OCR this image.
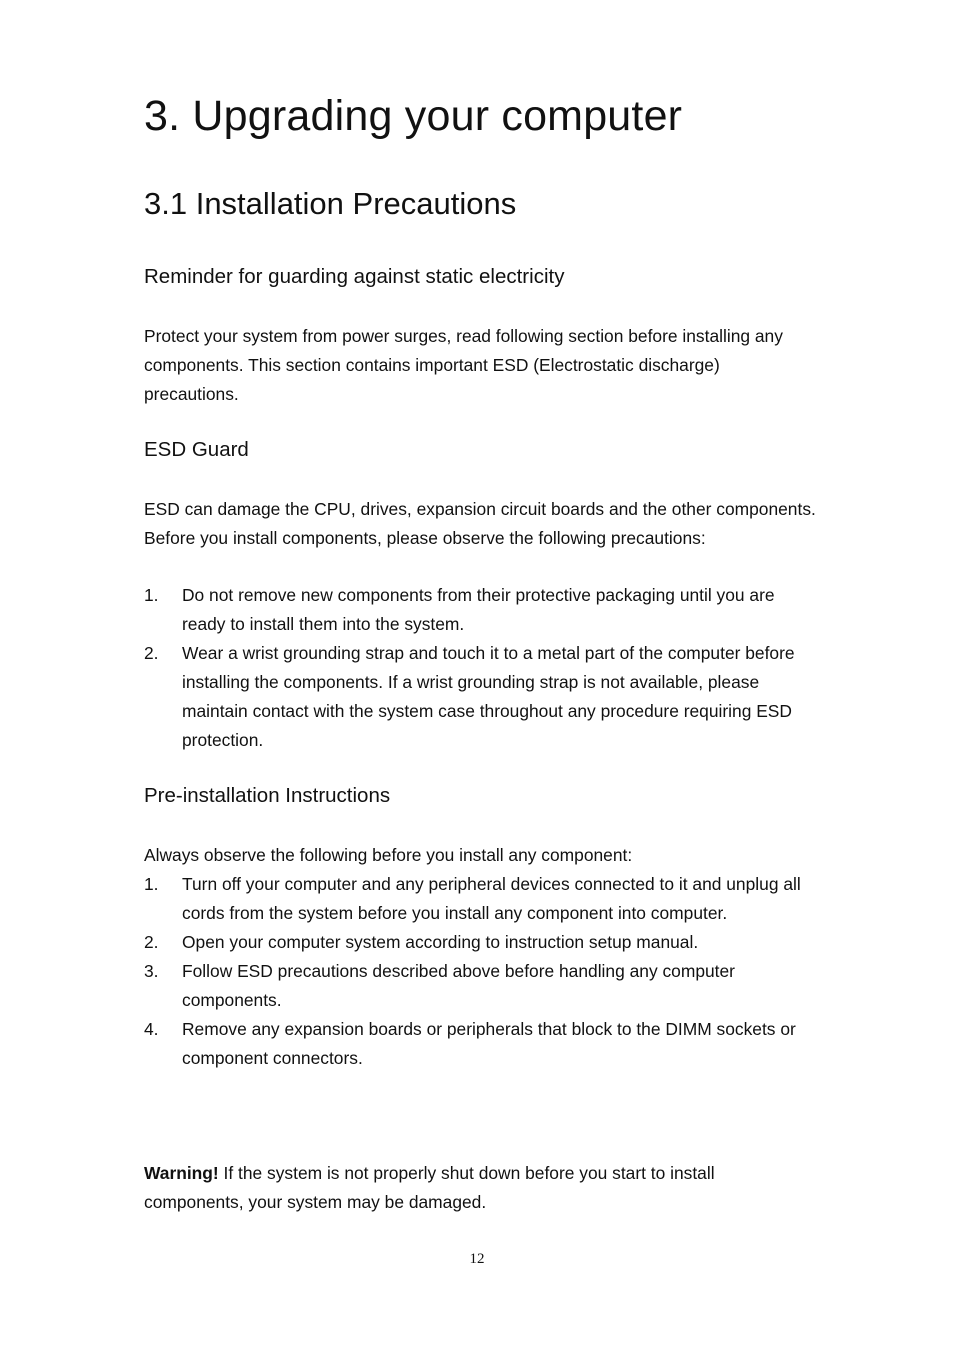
3. Upgrading your computer
3.1 Installation Precautions
Reminder for guarding against static electricity

Protect your system from power surges, read following section before installing any components. This section contains important ESD (Electrostatic discharge) precautions.

ESD Guard

ESD can damage the CPU, drives, expansion circuit boards and the other components. Before you install components, please observe the following precautions:

1. Do not remove new components from their protective packaging until you are ready to install them into the system.
2. Wear a wrist grounding strap and touch it to a metal part of the computer before installing the components. If a wrist grounding strap is not available, please maintain contact with the system case throughout any procedure requiring ESD protection.
Pre-installation Instructions

Always observe the following before you install any component:

1. Turn off your computer and any peripheral devices connected to it and unplug all cords from the system before you install any component into computer.
2. Open your computer system according to instruction setup manual.
3. Follow ESD precautions described above before handling any computer components.
4. Remove any expansion boards or peripherals that block to the DIMM sockets or component connectors.

Warning! If the system is not properly shut down before you start to install components, your system may be damaged.

12
